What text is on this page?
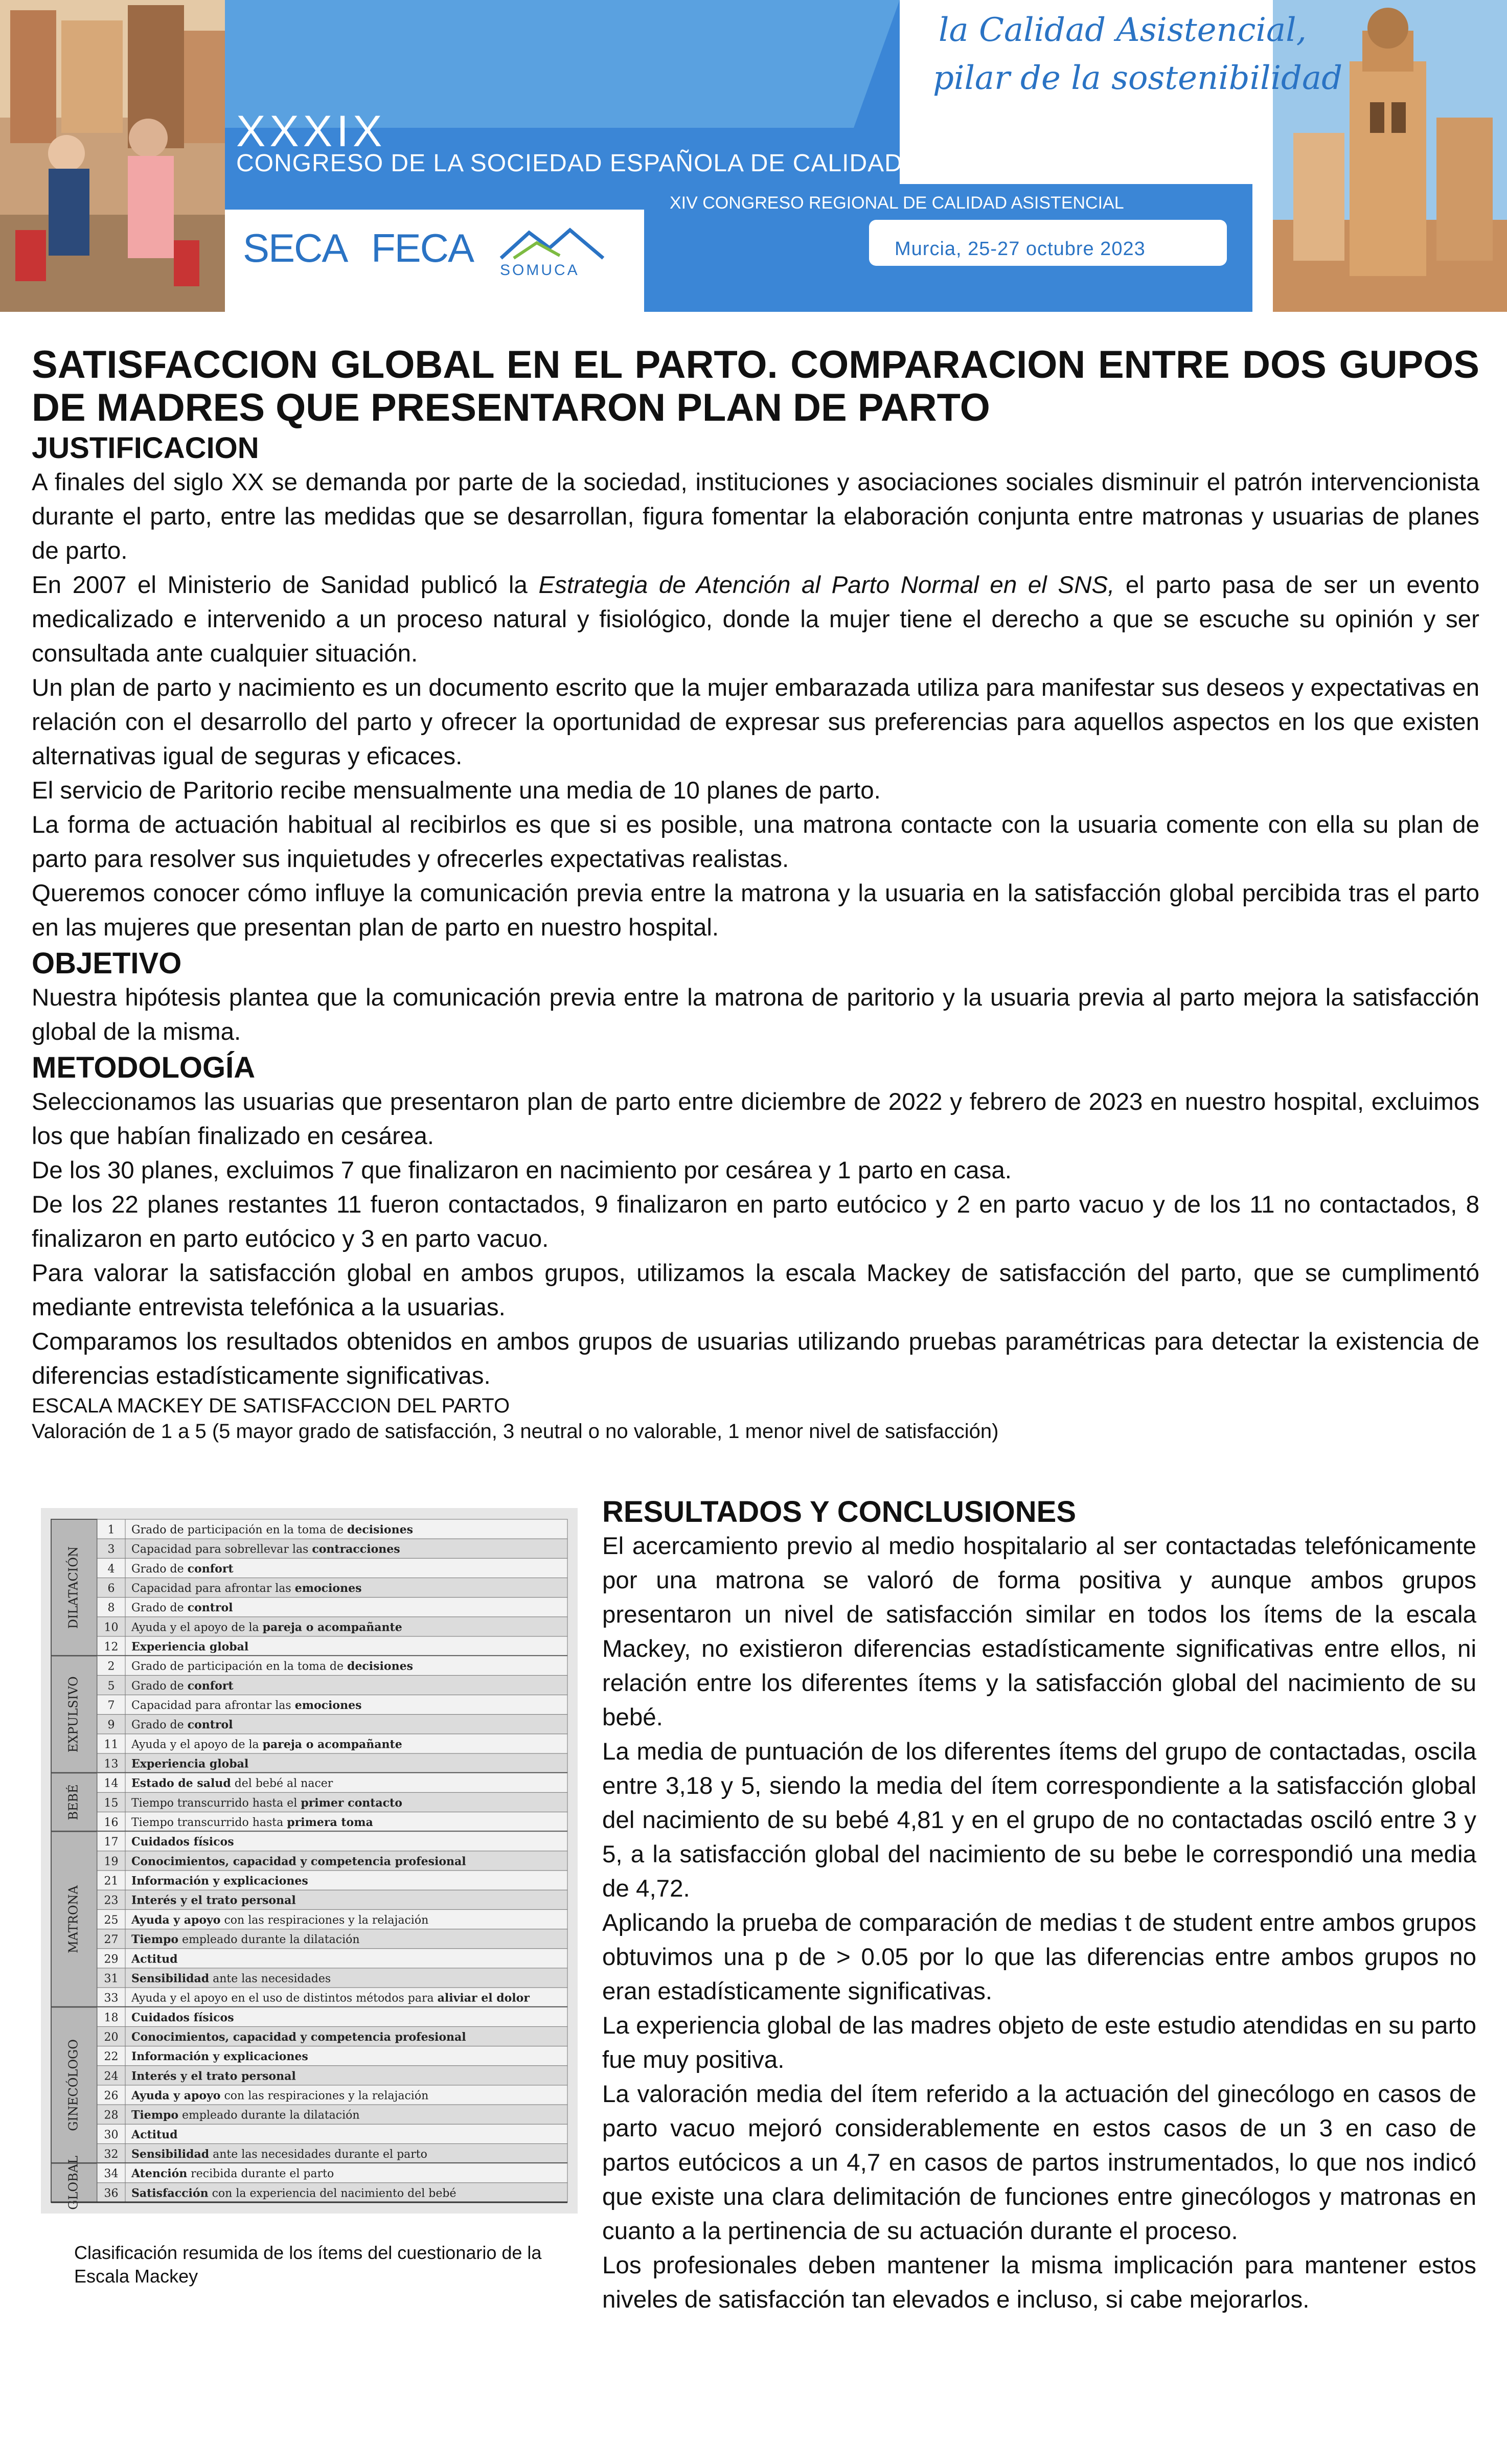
la Calidad Asistencial,
pilar de la sostenibilidad
XXXIX
CONGRESO DE LA SOCIEDAD ESPAÑOLA DE CALIDAD ASISTENCIAL
XIV CONGRESO REGIONAL DE CALIDAD ASISTENCIAL
Murcia, 25-27 octubre 2023
SECA FECA SOMUCA
SATISFACCION GLOBAL EN EL PARTO. COMPARACION ENTRE DOS GUPOS DE MADRES QUE PRESENTARON PLAN DE PARTO
JUSTIFICACION

A finales del siglo XX se demanda por parte de la sociedad, instituciones y asociaciones sociales disminuir el patrón intervencionista durante el parto, entre las medidas que se desarrollan, figura fomentar la elaboración conjunta entre matronas y usuarias de planes de parto.

En 2007 el Ministerio de Sanidad publicó la Estrategia de Atención al Parto Normal en el SNS, el parto pasa de ser un evento medicalizado e intervenido a un proceso natural y fisiológico, donde la mujer tiene el derecho a que se escuche su opinión y ser consultada ante cualquier situación.

Un plan de parto y nacimiento es un documento escrito que la mujer embarazada utiliza para manifestar sus deseos y expectativas en relación con el desarrollo del parto y ofrecer la oportunidad de expresar sus preferencias para aquellos aspectos en los que existen alternativas igual de seguras y eficaces.

El servicio de Paritorio recibe mensualmente una media de 10 planes de parto.

La forma de actuación habitual al recibirlos es que si es posible, una matrona contacte con la usuaria comente con ella su plan de parto para resolver sus inquietudes y ofrecerles expectativas realistas.

Queremos conocer cómo influye la comunicación previa entre la matrona y la usuaria en la satisfacción global percibida tras el parto en las mujeres que presentan plan de parto en nuestro hospital.

OBJETIVO

Nuestra hipótesis plantea que la comunicación previa entre la matrona de paritorio y la usuaria previa al parto mejora la satisfacción global de la misma.

METODOLOGÍA

Seleccionamos las usuarias que presentaron plan de parto entre diciembre de 2022 y febrero de 2023 en nuestro hospital, excluimos los que habían finalizado en cesárea.

De los 30 planes, excluimos 7 que finalizaron en nacimiento por cesárea y 1 parto en casa.

De los 22 planes restantes 11 fueron contactados, 9 finalizaron en parto eutócico y 2 en parto vacuo y de los 11 no contactados, 8 finalizaron en parto eutócico y 3 en parto vacuo.

Para valorar la satisfacción global en ambos grupos, utilizamos la escala Mackey de satisfacción del parto, que se cumplimentó mediante entrevista telefónica a la usuarias.

Comparamos los resultados obtenidos en ambos grupos de usuarias utilizando pruebas paramétricas para detectar la existencia de diferencias estadísticamente significativas.

ESCALA MACKEY DE SATISFACCION DEL PARTO

Valoración de 1 a 5 (5 mayor grado de satisfacción, 3 neutral o no valorable, 1 menor nivel de satisfacción)

DILATACIÓN
1 Grado de participación en la toma de decisiones
3 Capacidad para sobrellevar las contracciones
4 Grado de confort
6 Capacidad para afrontar las emociones
8 Grado de control
10 Ayuda y el apoyo de la pareja o acompañante
12 Experiencia global
EXPULSIVO
2 Grado de participación en la toma de decisiones
5 Grado de confort
7 Capacidad para afrontar las emociones
9 Grado de control
11 Ayuda y el apoyo de la pareja o acompañante
13 Experiencia global
BEBÉ
14 Estado de salud del bebé al nacer
15 Tiempo transcurrido hasta el primer contacto
16 Tiempo transcurrido hasta primera toma
MATRONA
17 Cuidados físicos
19 Conocimientos, capacidad y competencia profesional
21 Información y explicaciones
23 Interés y el trato personal
25 Ayuda y apoyo con las respiraciones y la relajación
27 Tiempo empleado durante la dilatación
29 Actitud
31 Sensibilidad ante las necesidades
33 Ayuda y el apoyo en el uso de distintos métodos para aliviar el dolor
GINECÓLOGO
18 Cuidados físicos
20 Conocimientos, capacidad y competencia profesional
22 Información y explicaciones
24 Interés y el trato personal
26 Ayuda y apoyo con las respiraciones y la relajación
28 Tiempo empleado durante la dilatación
30 Actitud
32 Sensibilidad ante las necesidades durante el parto
GLOBAL 34 Atención recibida durante el parto
36 Satisfacción con la experiencia del nacimiento del bebé
Clasificación resumida de los ítems del cuestionario de la Escala Mackey
RESULTADOS Y CONCLUSIONES

El acercamiento previo al medio hospitalario al ser contactadas telefónicamente por una matrona se valoró de forma positiva y aunque ambos grupos presentaron un nivel de satisfacción similar en todos los ítems de la escala Mackey, no existieron diferencias estadísticamente significativas entre ellos, ni relación entre los diferentes ítems y la satisfacción global del nacimiento de su bebé.

La media de puntuación de los diferentes ítems del grupo de contactadas, oscila entre 3,18 y 5, siendo la media del ítem correspondiente a la satisfacción global del nacimiento de su bebé 4,81 y en el grupo de no contactadas osciló entre 3 y 5, a la satisfacción global del nacimiento de su bebe le correspondió una media de 4,72.

Aplicando la prueba de comparación de medias t de student entre ambos grupos obtuvimos una p de > 0.05 por lo que las diferencias entre ambos grupos no eran estadísticamente significativas.

La experiencia global de las madres objeto de este estudio atendidas en su parto fue muy positiva.

La valoración media del ítem referido a la actuación del ginecólogo en casos de parto vacuo mejoró considerablemente en estos casos de un 3 en caso de partos eutócicos a un 4,7 en casos de partos instrumentados, lo que nos indicó que existe una clara delimitación de funciones entre ginecólogos y matronas en cuanto a la pertinencia de su actuación durante el proceso.

Los profesionales deben mantener la misma implicación para mantener estos niveles de satisfacción tan elevados e incluso, si cabe mejorarlos.
